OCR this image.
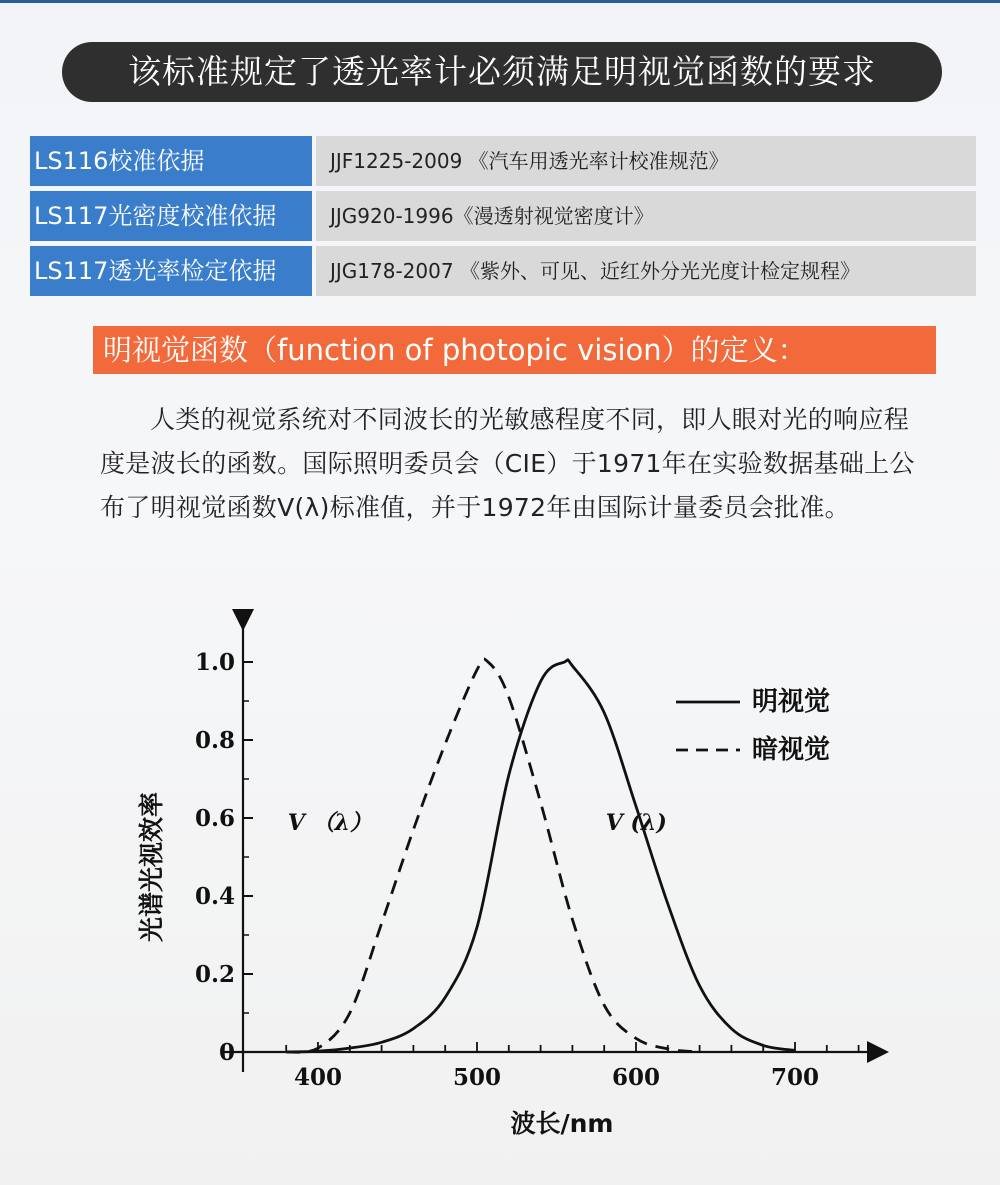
该标准规定了透光率计必须满足明视觉函数的要求
LS116校准依据	JJF1225-2009 《汽车用透光率计校准规范》
LS117光密度校准依据	JJG920-1996《漫透射视觉密度计》
LS117透光率检定依据	JJG178-2007 《紫外、可见、近红外分光光度计检定规程》
明视觉函数（function of photopic vision）的定义：
人类的视觉系统对不同波长的光敏感程度不同，即人眼对光的响应程度是波长的函数。国际照明委员会（CIE）于1971年在实验数据基础上公布了明视觉函数V(λ)标准值，并于1972年由国际计量委员会批准。
0
0.2
0.4
0.6
0.8
1.0
400	500	600	700
波长/nm
光谱光视效率
明视觉
暗视觉
V （λ）	V (λ)
